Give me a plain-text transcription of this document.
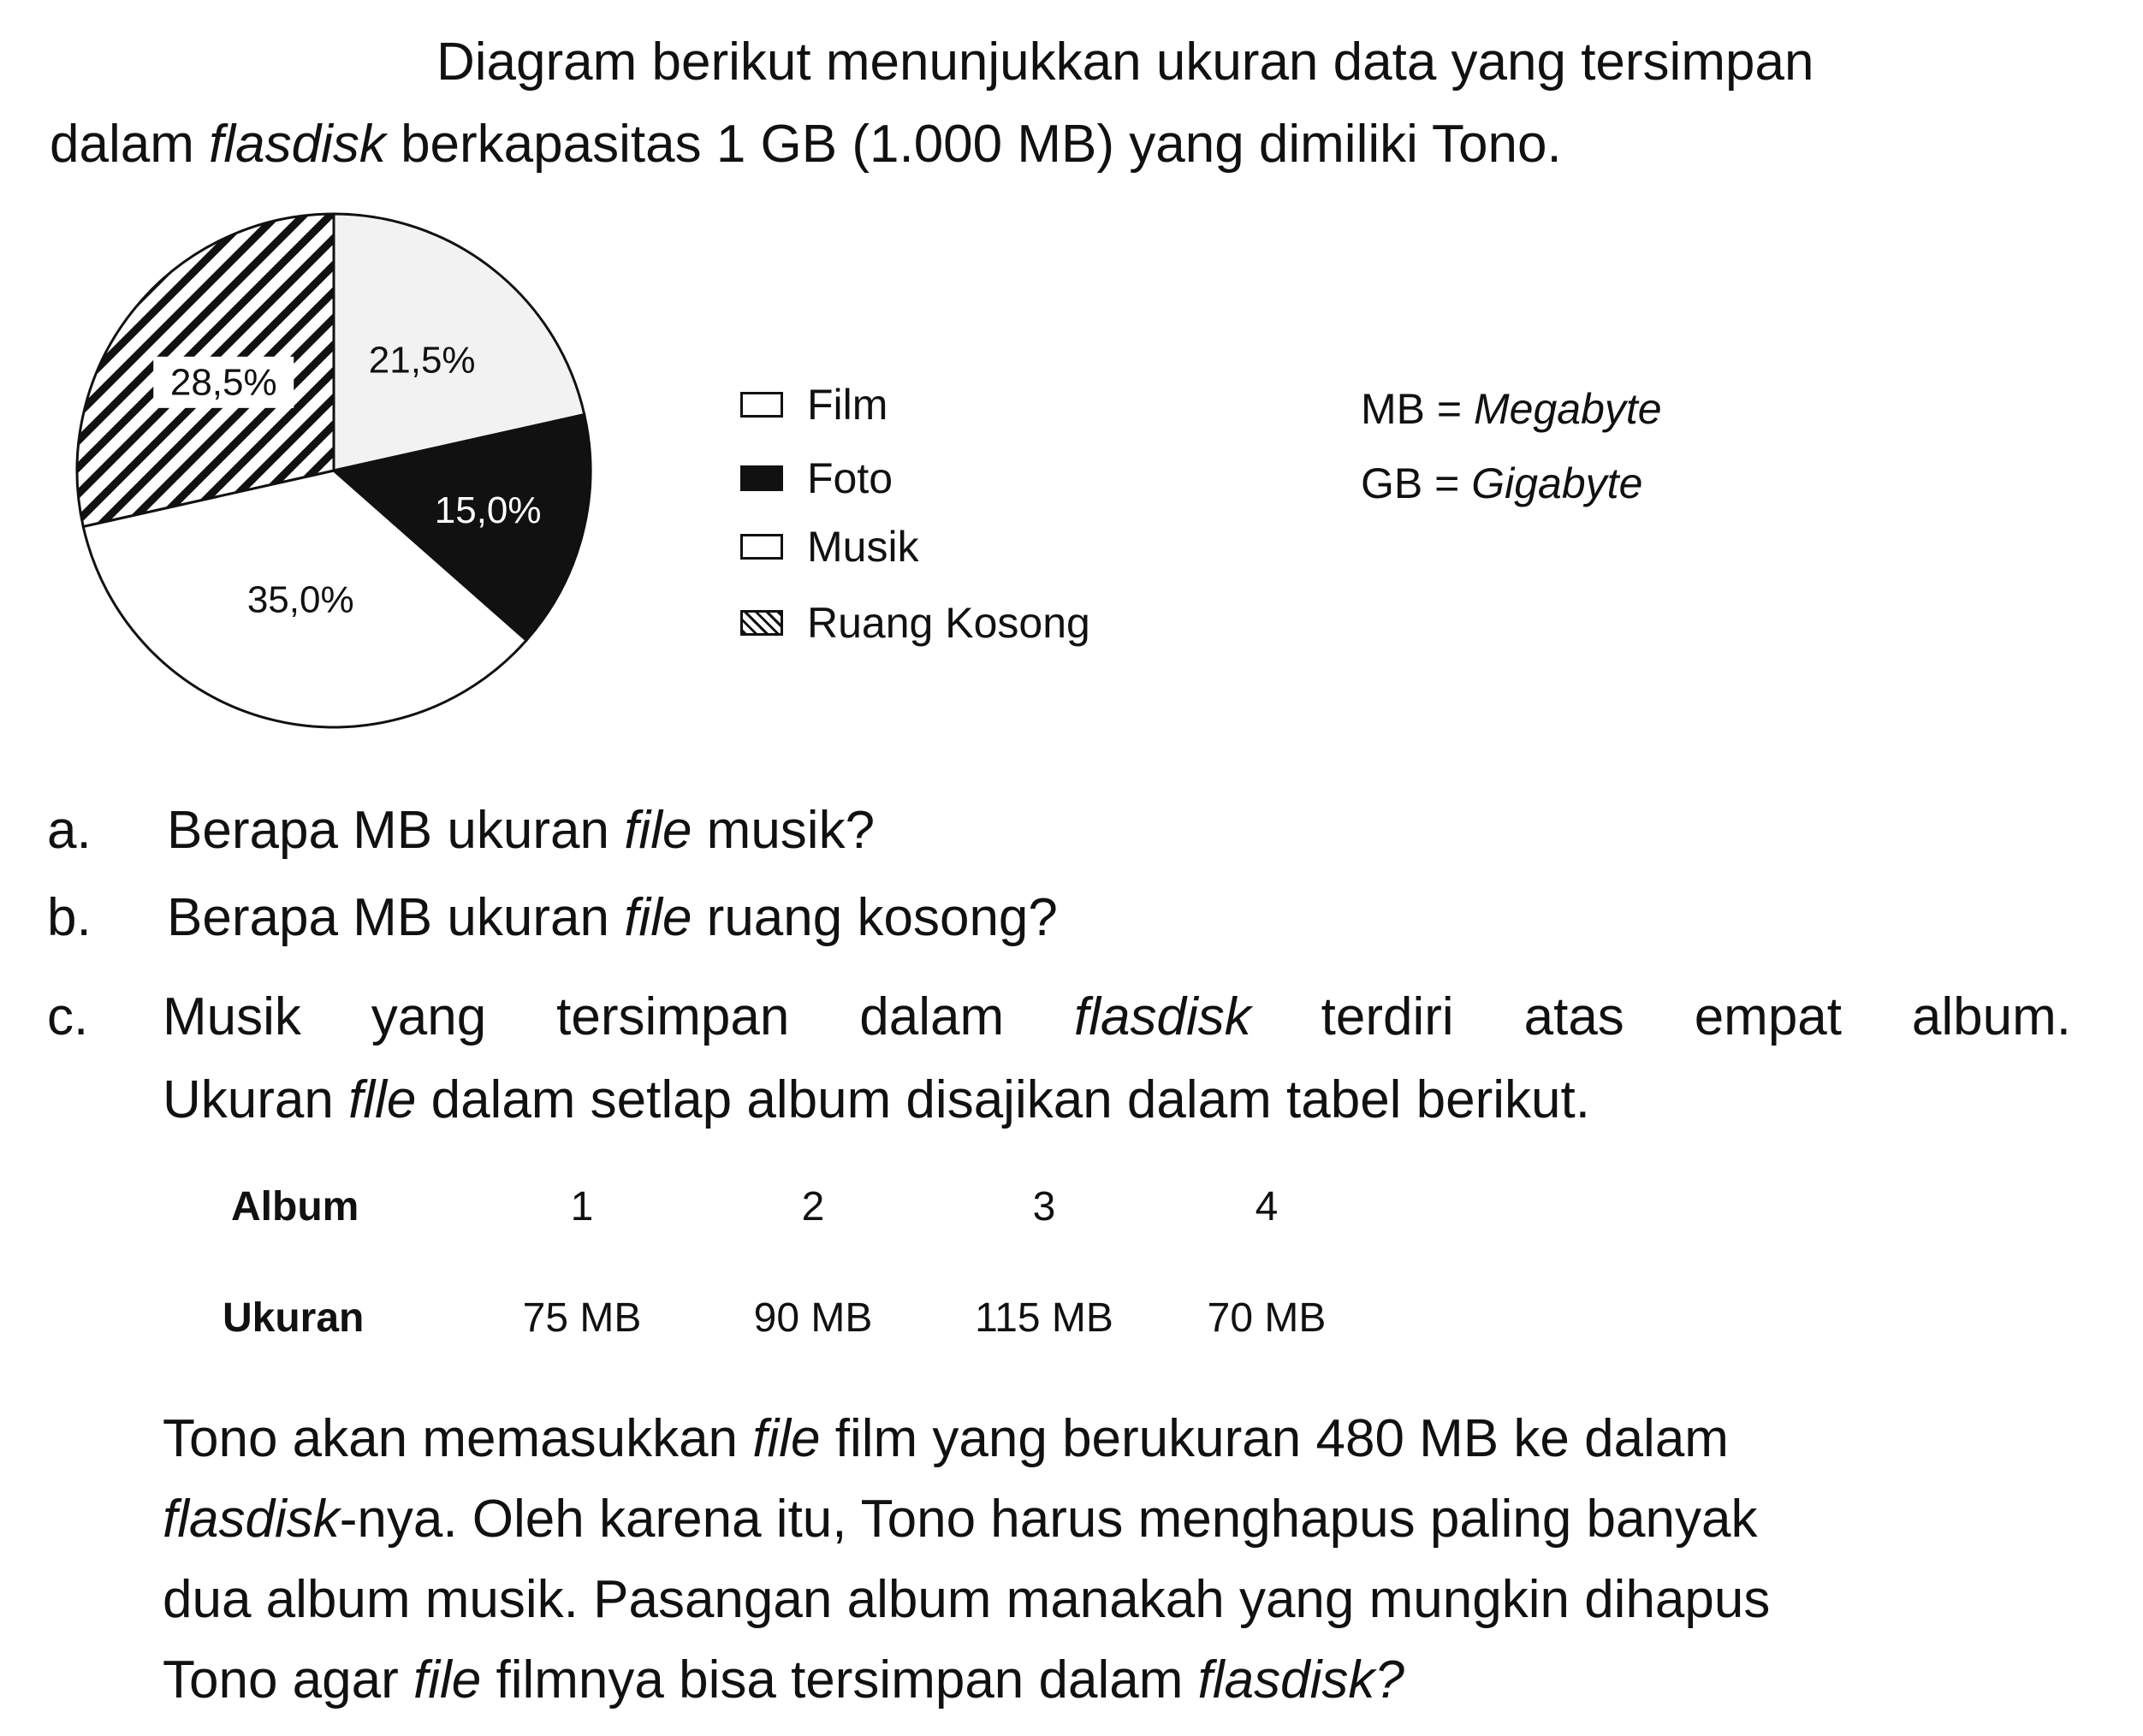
Diagram berikut menunjukkan ukuran data yang tersimpan
dalam flasdisk berkapasitas 1 GB (1.000 MB) yang dimiliki Tono.
21,5%
15,0%
35,0%
28,5%	Film
Foto
Musik
Ruang Kosong
MB = Megabyte
GB = Gigabyte
a. Berapa MB ukuran file musik?
b. Berapa MB ukuran file ruang kosong?
c. Musik yang tersimpan dalam flasdisk terdiri atas empat album.
Ukuran flle dalam setlap album disajikan dalam tabel berikut.
Album	1	2	3	4
Ukuran	75 MB	90 MB	115 MB	70 MB
Tono akan memasukkan file film yang berukuran 480 MB ke dalam
flasdisk-nya. Oleh karena itu, Tono harus menghapus paling banyak
dua album musik. Pasangan album manakah yang mungkin dihapus
Tono agar file filmnya bisa tersimpan dalam flasdisk?
